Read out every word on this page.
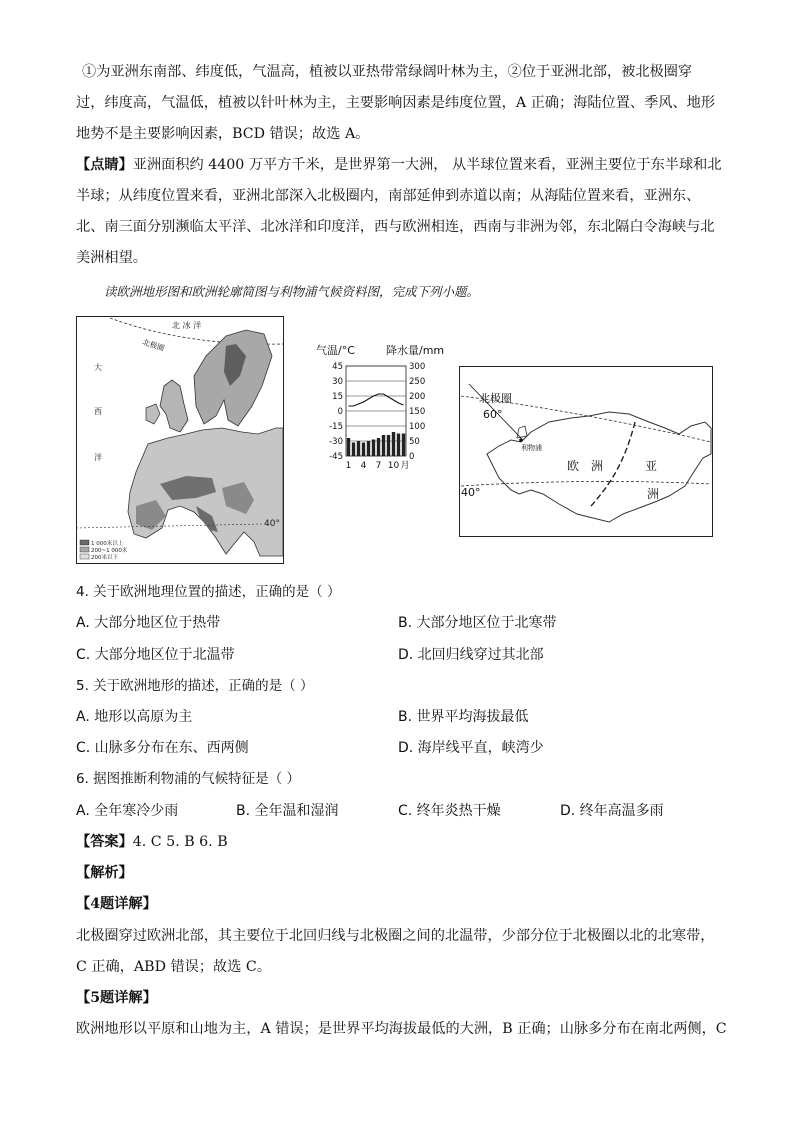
①为亚洲东南部、纬度低，气温高，植被以亚热带常绿阔叶林为主，②位于亚洲北部，被北极圈穿
过，纬度高，气温低，植被以针叶林为主，主要影响因素是纬度位置，A 正确；海陆位置、季风、地形
地势不是主要影响因素，BCD 错误；故选 A。
【点睛】亚洲面积约 4400 万平方千米，是世界第一大洲， 从半球位置来看，亚洲主要位于东半球和北
半球；从纬度位置来看，亚洲北部深入北极圈内，南部延伸到赤道以南；从海陆位置来看，亚洲东、
北、南三面分别濒临太平洋、北冰洋和印度洋，西与欧洲相连，西南与非洲为邻，东北隔白令海峡与北
美洲相望。
读欧洲地形图和欧洲轮廓简图与利物浦气候资料图，完成下列小题。
北 冰 洋
北极圈
大
西
洋
40°
1 000米以上
200~1 000米
200米以下
气温/°C	降水量/mm
45
30
15
0
-15
-30
-45
300
250
200
150
100
50
0
1 4 7 10 月
北极圈
60°
利物浦
欧 洲	亚
洲
40°
4. 关于欧洲地理位置的描述，正确的是（ ）
A. 大部分地区位于热带	B. 大部分地区位于北寒带
C. 大部分地区位于北温带	D. 北回归线穿过其北部
5. 关于欧洲地形的描述，正确的是（ ）
A. 地形以高原为主	B. 世界平均海拔最低
C. 山脉多分布在东、西两侧	D. 海岸线平直，峡湾少
6. 据图推断利物浦的气候特征是（ ）
A. 全年寒冷少雨	B. 全年温和湿润	C. 终年炎热干燥	D. 终年高温多雨
【答案】4. C 5. B 6. B
【解析】
【4题详解】
北极圈穿过欧洲北部，其主要位于北回归线与北极圈之间的北温带，少部分位于北极圈以北的北寒带，
C 正确，ABD 错误；故选 C。
【5题详解】
欧洲地形以平原和山地为主，A 错误；是世界平均海拔最低的大洲，B 正确；山脉多分布在南北两侧，C
